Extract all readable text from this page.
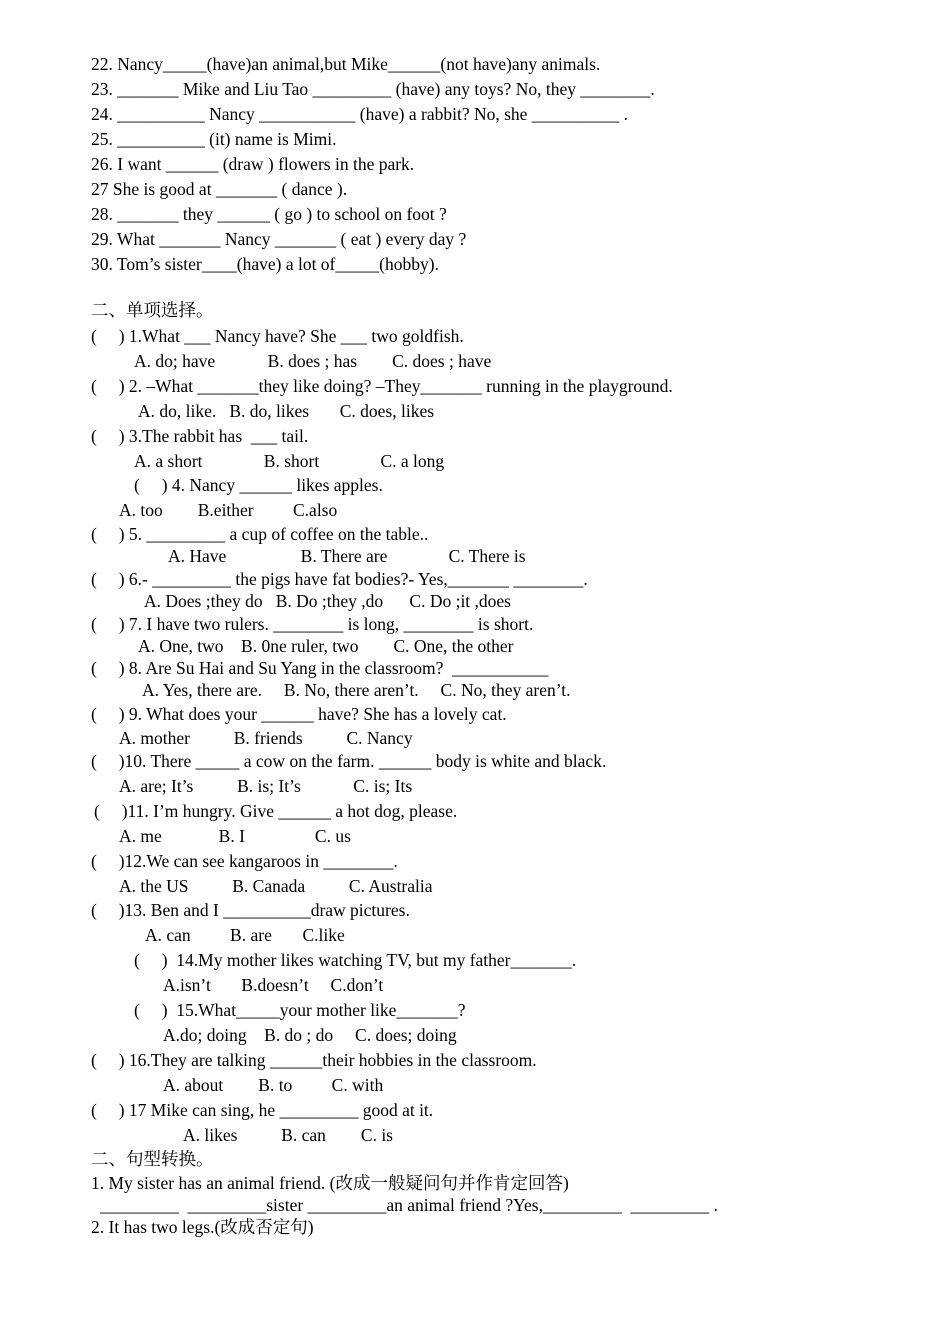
22. Nancy_____(have)an animal,but Mike______(not have)any animals.
23. _______ Mike and Liu Tao _________ (have) any toys? No, they ________.
24. __________ Nancy ___________ (have) a rabbit? No, she __________ .
25. __________ (it) name is Mimi.
26. I want ______ (draw ) flowers in the park.
27 She is good at _______ ( dance ).
28. _______ they ______ ( go ) to school on foot ?
29. What _______ Nancy _______ ( eat ) every day ?
30. Tom’s sister____(have) a lot of_____(hobby).
二、单项选择。
(     ) 1.What ___ Nancy have? She ___ two goldfish.
A. do; have            B. does ; has        C. does ; have
(     ) 2. –What _______they like doing? –They_______ running in the playground.
A. do, like.   B. do, likes       C. does, likes
(     ) 3.The rabbit has  ___ tail.
A. a short              B. short              C. a long
(     ) 4. Nancy ______ likes apples.
A. too        B.either         C.also
(     ) 5. _________ a cup of coffee on the table..
A. Have                 B. There are              C. There is
(     ) 6.- _________ the pigs have fat bodies?- Yes,_______ ________.
A. Does ;they do   B. Do ;they ,do      C. Do ;it ,does
(     ) 7. I have two rulers. ________ is long, ________ is short.
A. One, two    B. 0ne ruler, two        C. One, the other
(     ) 8. Are Su Hai and Su Yang in the classroom?  ___________
A. Yes, there are.     B. No, there aren’t.     C. No, they aren’t.
(     ) 9. What does your ______ have? She has a lovely cat.
A. mother          B. friends          C. Nancy
(     )10. There _____ a cow on the farm. ______ body is white and black.
A. are; It’s          B. is; It’s            C. is; Its
(     )11. I’m hungry. Give ______ a hot dog, please.
A. me             B. I                C. us
(     )12.We can see kangaroos in ________.
A. the US          B. Canada          C. Australia
(     )13. Ben and I __________draw pictures.
A. can         B. are       C.like
(     )  14.My mother likes watching TV, but my father_______.
A.isn’t       B.doesn’t     C.don’t
(     )  15.What_____your mother like_______?
A.do; doing    B. do ; do     C. does; doing
(     ) 16.They are talking ______their hobbies in the classroom.
A. about        B. to         C. with
(     ) 17 Mike can sing, he _________ good at it.
A. likes          B. can        C. is
二、句型转换。
1. My sister has an animal friend. (改成一般疑问句并作肯定回答)
_________  _________sister _________an animal friend ?Yes,_________  _________ .
2. It has two legs.(改成否定句)
